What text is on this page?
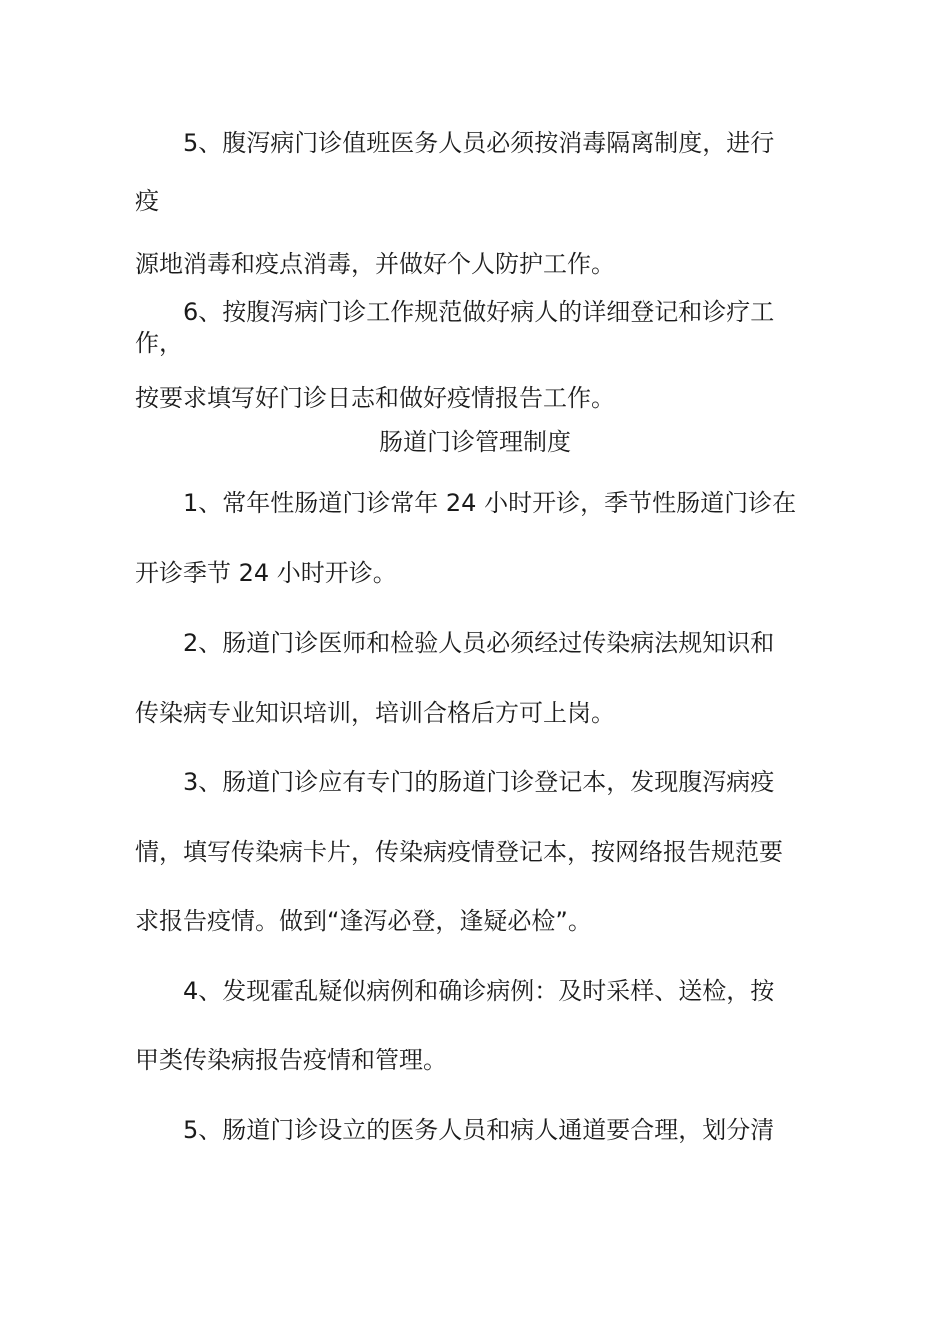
5、腹泻病门诊值班医务人员必须按消毒隔离制度，进行
疫
源地消毒和疫点消毒，并做好个人防护工作。
6、按腹泻病门诊工作规范做好病人的详细登记和诊疗工
作，
按要求填写好门诊日志和做好疫情报告工作。
肠道门诊管理制度
1、常年性肠道门诊常年 24 小时开诊，季节性肠道门诊在
开诊季节 24 小时开诊。
2、肠道门诊医师和检验人员必须经过传染病法规知识和
传染病专业知识培训，培训合格后方可上岗。
3、肠道门诊应有专门的肠道门诊登记本，发现腹泻病疫
情，填写传染病卡片，传染病疫情登记本，按网络报告规范要
求报告疫情。做到“逢泻必登，逢疑必检”。
4、发现霍乱疑似病例和确诊病例：及时采样、送检，按
甲类传染病报告疫情和管理。
5、肠道门诊设立的医务人员和病人通道要合理，划分清
